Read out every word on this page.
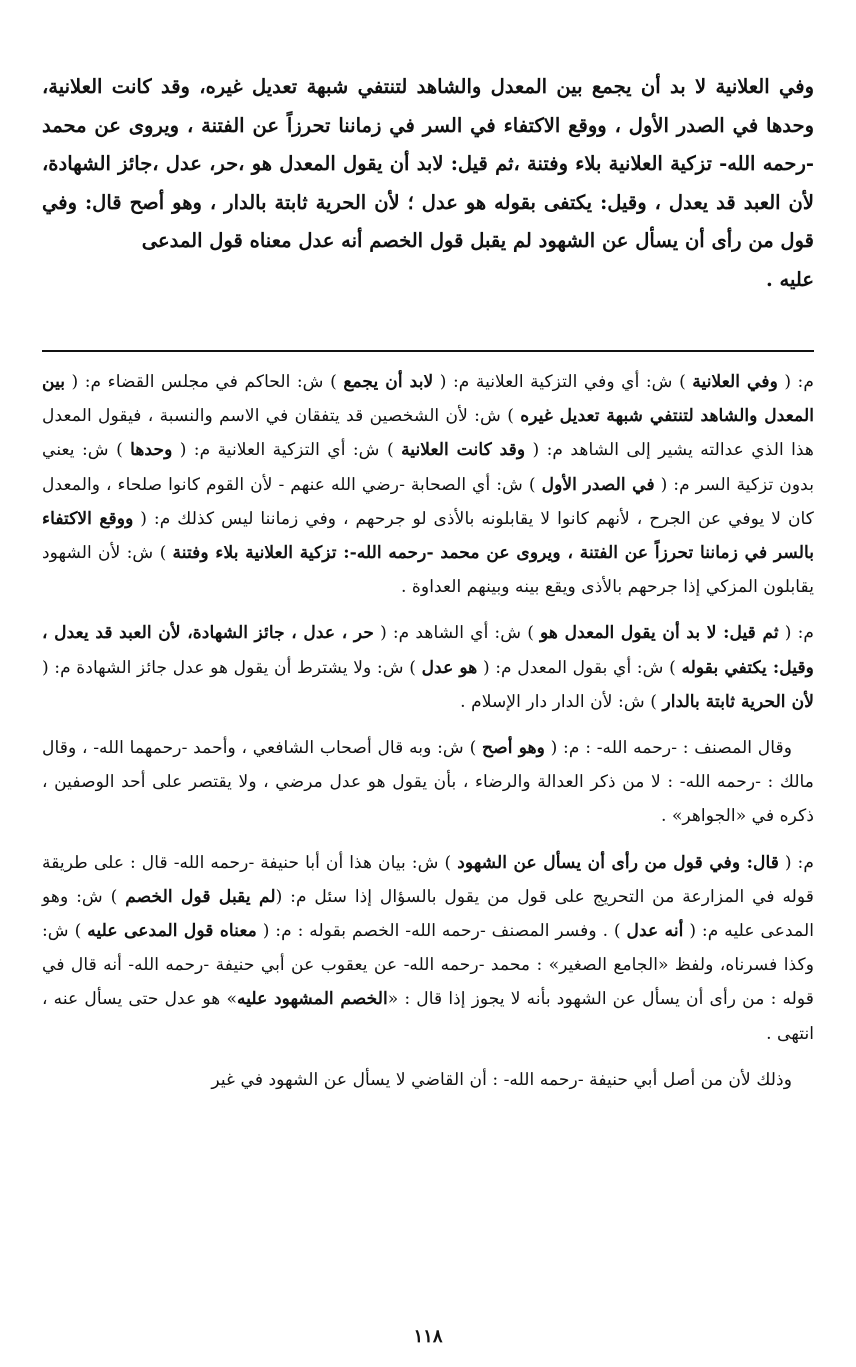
وفي العلانية لا بد أن يجمع بين المعدل والشاهد لتنتفي شبهة تعديل غيره، وقد كانت العلانية، وحدها في الصدر الأول ، ووقع الاكتفاء في السر في زماننا تحرزاً عن الفتنة ، ويروى عن محمد -رحمه الله- تزكية العلانية بلاء وفتنة ،ثم قيل: لابد أن يقول المعدل هو ،حر، عدل ،جائز الشهادة، لأن العبد قد يعدل ، وقيل: يكتفى بقوله هو عدل ؛ لأن الحرية ثابتة بالدار ، وهو أصح قال: وفي قول من رأى أن يسأل عن الشهود لم يقبل قول الخصم أنه عدل معناه قول المدعى
عليه .

م: ( وفي العلانية ) ش: أي وفي التزكية العلانية م: ( لابد أن يجمع ) ش: الحاكم في مجلس القضاء م: ( بين المعدل والشاهد لتنتفي شبهة تعديل غيره ) ش: لأن الشخصين قد يتفقان في الاسم والنسبة ، فيقول المعدل هذا الذي عدالته يشير إلى الشاهد م: ( وقد كانت العلانية ) ش: أي التزكية العلانية م: ( وحدها ) ش: يعني بدون تزكية السر م: ( في الصدر الأول ) ش: أي الصحابة -رضي الله عنهم - لأن القوم كانوا صلحاء ، والمعدل كان لا يوفي عن الجرح ، لأنهم كانوا لا يقابلونه بالأذى لو جرحهم ، وفي زماننا ليس كذلك م: ( ووقع الاكتفاء بالسر في زماننا تحرزاً عن الفتنة ، ويروى عن محمد -رحمه الله-: تزكية العلانية بلاء وفتنة ) ش: لأن الشهود يقابلون المزكي إذا جرحهم بالأذى ويقع بينه وبينهم العداوة .

م: ( ثم قيل: لا بد أن يقول المعدل هو ) ش: أي الشاهد م: ( حر ، عدل ، جائز الشهادة، لأن العبد قد يعدل ، وقيل: يكتفي بقوله ) ش: أي بقول المعدل م: ( هو عدل ) ش: ولا يشترط أن يقول هو عدل جائز الشهادة م: ( لأن الحرية ثابتة بالدار ) ش: لأن الدار دار الإسلام .

وقال المصنف : -رحمه الله- : م: ( وهو أصح ) ش: وبه قال أصحاب الشافعي ، وأحمد -رحمهما الله- ، وقال مالك : -رحمه الله- : لا من ذكر العدالة والرضاء ، بأن يقول هو عدل مرضي ، ولا يقتصر على أحد الوصفين ، ذكره في «الجواهر» .

م: ( قال: وفي قول من رأى أن يسأل عن الشهود ) ش: بيان هذا أن أبا حنيفة -رحمه الله- قال : على طريقة قوله في المزارعة من التحريج على قول من يقول بالسؤال إذا سئل م: (لم يقبل قول الخصم ) ش: وهو المدعى عليه م: ( أنه عدل ) . وفسر المصنف -رحمه الله- الخصم بقوله : م: ( معناه قول المدعى عليه ) ش: وكذا فسرناه، ولفظ «الجامع الصغير» : محمد -رحمه الله- عن يعقوب عن أبي حنيفة -رحمه الله- أنه قال في قوله : من رأى أن يسأل عن الشهود بأنه لا يجوز إذا قال : «الخصم المشهود عليه» هو عدل حتى يسأل عنه ، انتهى .

وذلك لأن من أصل أبي حنيفة -رحمه الله- : أن القاضي لا يسأل عن الشهود في غير

١١٨
